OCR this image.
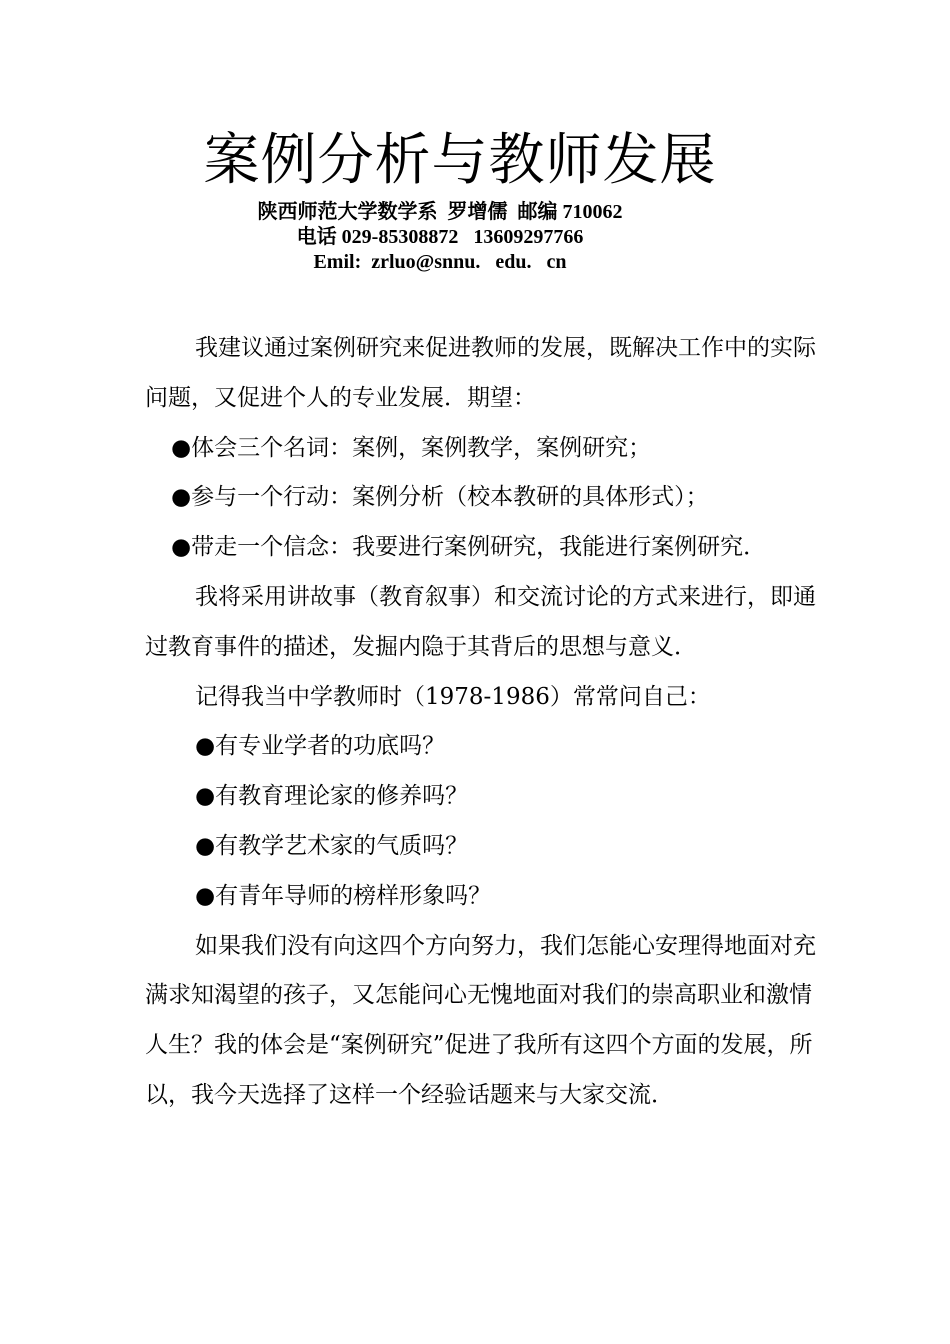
案例分析与教师发展
陕西师范大学数学系  罗增儒  邮编 710062
电话 029-85308872   13609297766
Emil:  zrluo@snnu.   edu.   cn

我建议通过案例研究来促进教师的发展，既解决工作中的实际问题，又促进个人的专业发展．期望：

●体会三个名词：案例，案例教学，案例研究；

●参与一个行动：案例分析（校本教研的具体形式）；

●带走一个信念：我要进行案例研究，我能进行案例研究．

我将采用讲故事（教育叙事）和交流讨论的方式来进行，即通过教育事件的描述，发掘内隐于其背后的思想与意义．

记得我当中学教师时（1978-1986）常常问自己：

●有专业学者的功底吗？

●有教育理论家的修养吗？

●有教学艺术家的气质吗？

●有青年导师的榜样形象吗？

如果我们没有向这四个方向努力，我们怎能心安理得地面对充满求知渴望的孩子，又怎能问心无愧地面对我们的崇高职业和激情人生？我的体会是“案例研究”促进了我所有这四个方面的发展，所以，我今天选择了这样一个经验话题来与大家交流．
